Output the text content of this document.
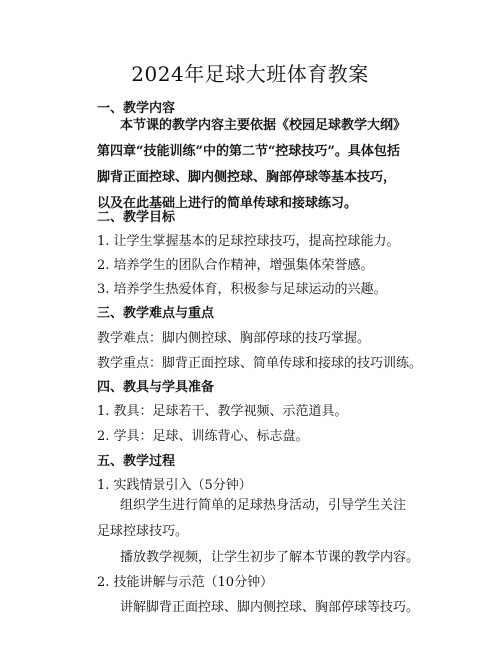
2024年足球大班体育教案
一、教学内容
本节课的教学内容主要依据《校园足球教学大纲》第四章“技能训练”中的第二节“控球技巧”。具体包括脚背正面控球、脚内侧控球、胸部停球等基本技巧，以及在此基础上进行的简单传球和接球练习。
二、教学目标
1. 让学生掌握基本的足球控球技巧，提高控球能力。
2. 培养学生的团队合作精神，增强集体荣誉感。
3. 培养学生热爱体育，积极参与足球运动的兴趣。
三、教学难点与重点
教学难点：脚内侧控球、胸部停球的技巧掌握。
教学重点：脚背正面控球、简单传球和接球的技巧训练。
四、教具与学具准备
1. 教具：足球若干、教学视频、示范道具。
2. 学具：足球、训练背心、标志盘。
五、教学过程
1. 实践情景引入（5分钟）
组织学生进行简单的足球热身活动，引导学生关注足球控球技巧。
播放教学视频，让学生初步了解本节课的教学内容。
2. 技能讲解与示范（10分钟）
讲解脚背正面控球、脚内侧控球、胸部停球等技巧。
